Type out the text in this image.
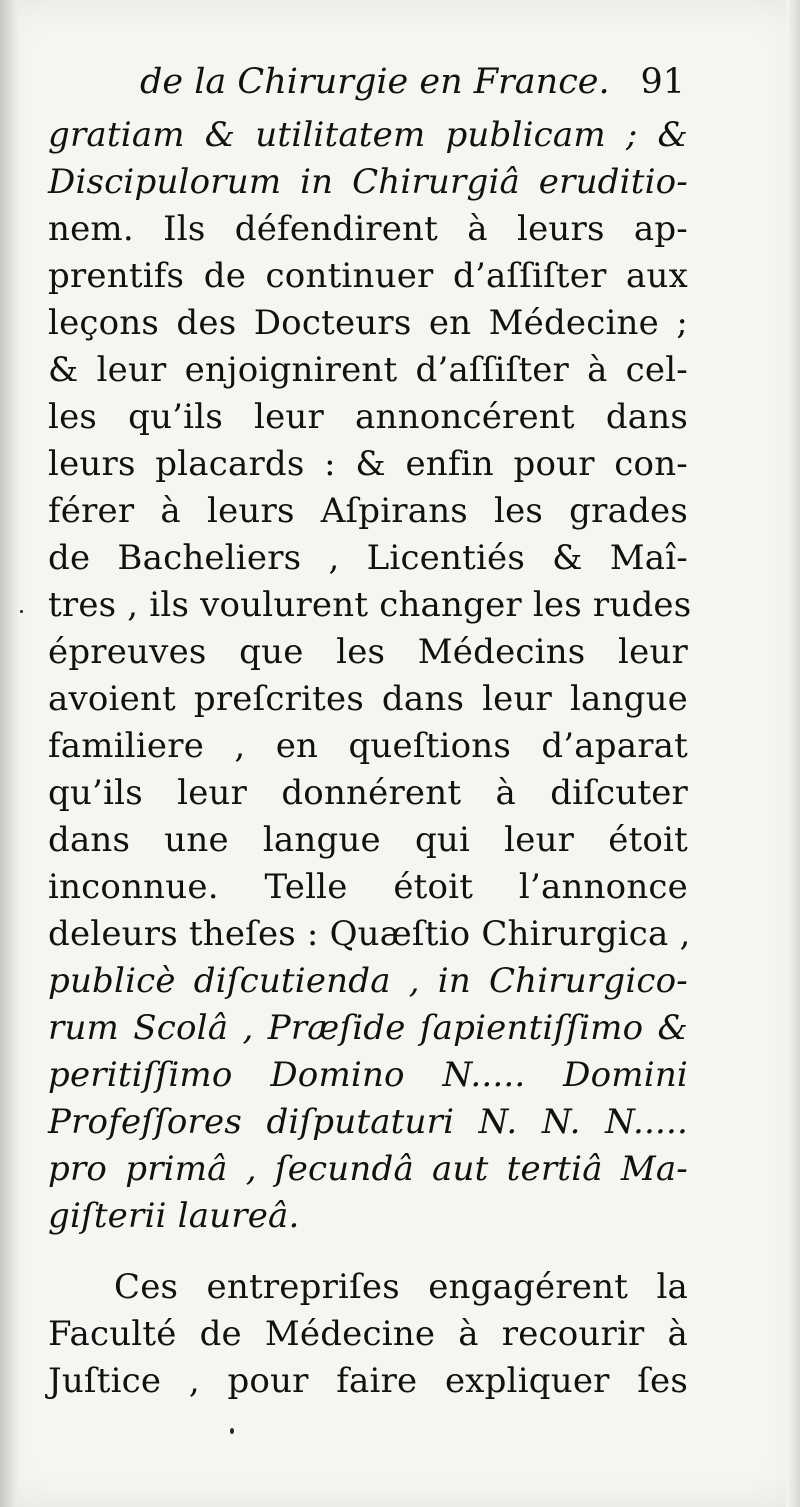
de la Chirurgie en France. 91
gratiam & utilitatem publicam ; &
Discipulorum in Chirurgiâ eruditio-
nem. Ils défendirent à leurs ap-
prentifs de continuer d’aſſiſter aux
leçons des Docteurs en Médecine ;
& leur enjoignirent d’aſſiſter à cel-
les qu’ils leur annoncérent dans
leurs placards : & enfin pour con-
férer à leurs Aſpirans les grades
de Bacheliers , Licentiés & Maî-
tres , ils voulurent changer les rudes
épreuves que les Médecins leur
avoient preſcrites dans leur langue
familiere , en queſtions d’aparat
qu’ils leur donnérent à diſcuter
dans une langue qui leur étoit
inconnue. Telle étoit l’annonce
deleurs theſes : Quæſtio Chirurgica ,
publicè diſcutienda , in Chirurgico-
rum Scolâ , Præſide ſapientiſſimo &
peritiſſimo Domino N..... Domini
Profeſſores diſputaturi N. N. N.....
pro primâ , ſecundâ aut tertiâ Ma-
giſterii laureâ.
Ces entrepriſes engagérent la
Faculté de Médecine à recourir à
Juſtice , pour faire expliquer ſes
